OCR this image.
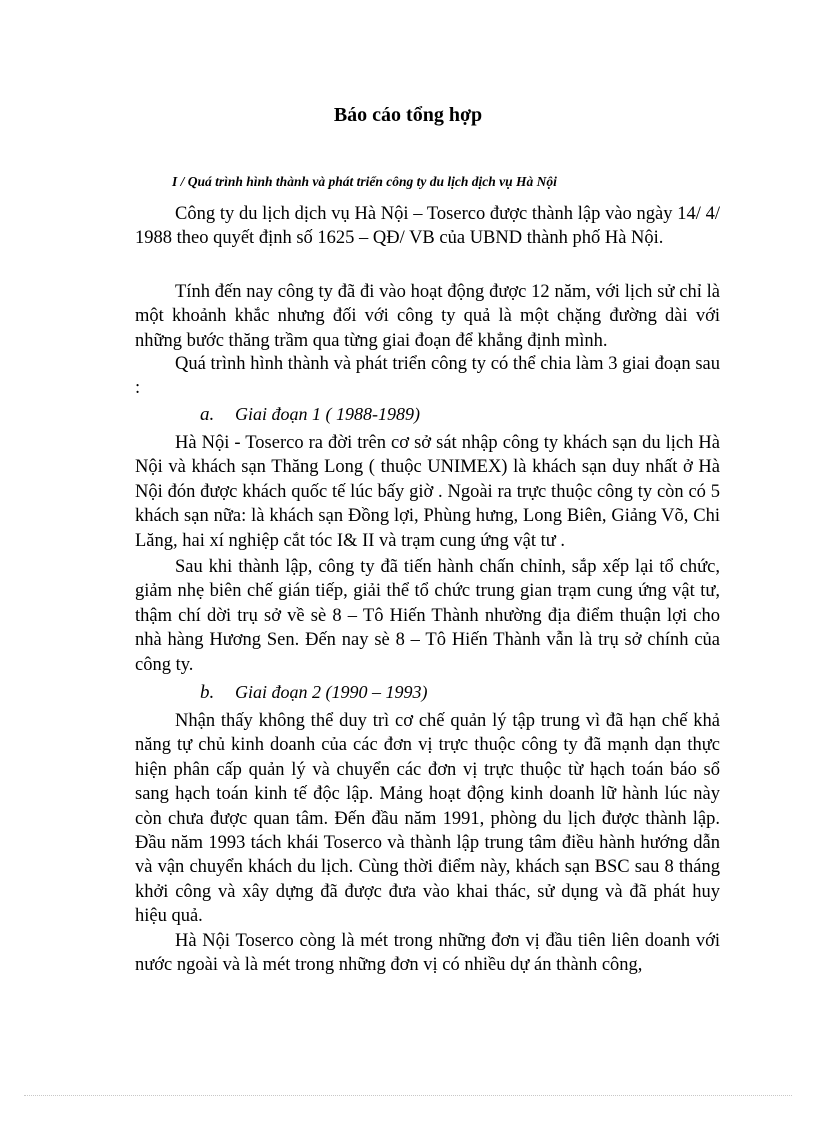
Báo cáo tổng hợp
I / Quá trình hình thành và phát triển công ty du lịch dịch vụ Hà Nội

Công ty du lịch dịch vụ Hà Nội – Toserco được thành lập vào ngày 14/ 4/ 1988 theo quyết định số 1625 – QĐ/ VB của UBND thành phố Hà Nội.

Tính đến nay công ty đã đi vào hoạt động được 12 năm, với lịch sử chỉ là một khoảnh khắc nhưng đối với công ty quả là một chặng đường dài với những bước thăng trầm qua từng giai đoạn để khẳng định mình.

Quá trình hình thành và phát triển công ty có thể chia làm 3 giai đoạn sau :

a. Giai đoạn 1 ( 1988-1989)

Hà Nội - Toserco ra đời trên cơ sở sát nhập công ty khách sạn du lịch Hà Nội và khách sạn Thăng Long ( thuộc UNIMEX) là khách sạn duy nhất ở Hà Nội đón được khách quốc tế lúc bấy giờ . Ngoài ra trực thuộc công ty còn có 5 khách sạn nữa: là khách sạn Đồng lợi, Phùng hưng, Long Biên, Giảng Võ, Chi Lăng, hai xí nghiệp cắt tóc I& II và trạm cung ứng vật tư .

Sau khi thành lập, công ty đã tiến hành chấn chỉnh, sắp xếp lại tổ chức, giảm nhẹ biên chế gián tiếp, giải thể tổ chức trung gian trạm cung ứng vật tư, thậm chí dời trụ sở về sè 8 – Tô Hiến Thành nhường địa điểm thuận lợi cho nhà hàng Hương Sen. Đến nay sè 8 – Tô Hiến Thành vẫn là trụ sở chính của công ty.

b. Giai đoạn 2 (1990 – 1993)

Nhận thấy không thể duy trì cơ chế quản lý tập trung vì đã hạn chế khả năng tự chủ kinh doanh của các đơn vị trực thuộc công ty đã mạnh dạn thực hiện phân cấp quản lý và chuyển các đơn vị trực thuộc từ hạch toán báo sổ sang hạch toán kinh tế độc lập. Mảng hoạt động kinh doanh lữ hành lúc này còn chưa được quan tâm. Đến đầu năm 1991, phòng du lịch được thành lập. Đầu năm 1993 tách khái Toserco và thành lập trung tâm điều hành hướng dẫn và vận chuyển khách du lịch. Cùng thời điểm này, khách sạn BSC sau 8 tháng khởi công và xây dựng đã được đưa vào khai thác, sử dụng và đã phát huy hiệu quả.

Hà Nội Toserco còng là mét trong những đơn vị đầu tiên liên doanh với nước ngoài và là mét trong những đơn vị có nhiều dự án thành công,
